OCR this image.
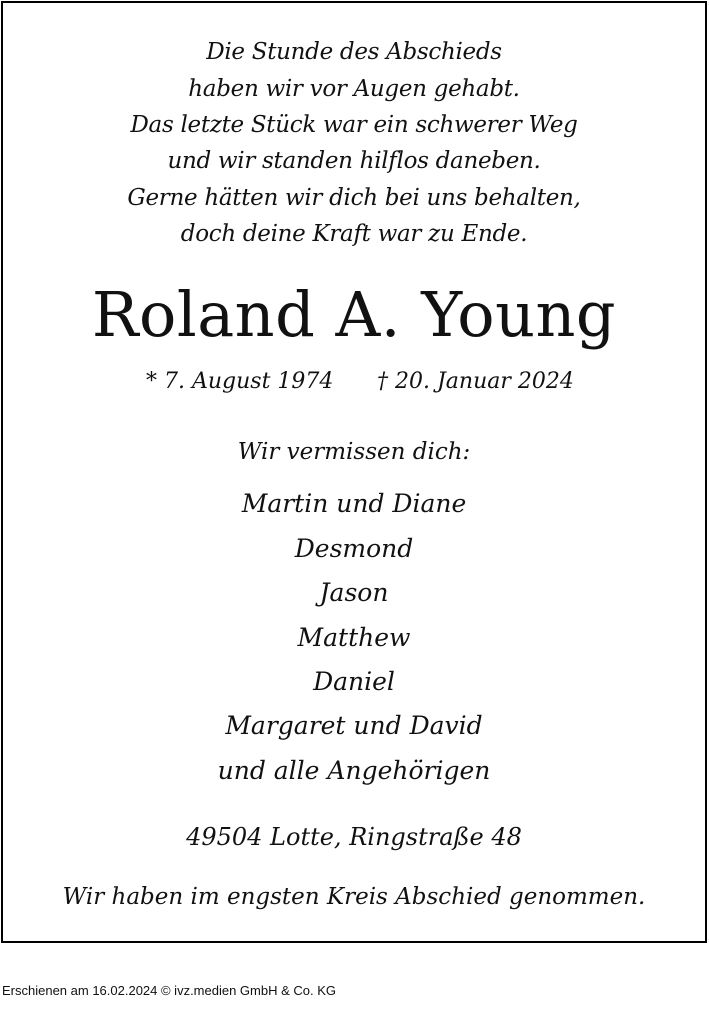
Die Stunde des Abschieds
haben wir vor Augen gehabt.
Das letzte Stück war ein schwerer Weg
und wir standen hilflos daneben.
Gerne hätten wir dich bei uns behalten,
doch deine Kraft war zu Ende.
Roland A. Young
* 7. August 1974 † 20. Januar 2024
Wir vermissen dich:
Martin und Diane
Desmond
Jason
Matthew
Daniel
Margaret und David
und alle Angehörigen
49504 Lotte, Ringstraße 48
Wir haben im engsten Kreis Abschied genommen.
Erschienen am 16.02.2024 © ivz.medien GmbH & Co. KG
